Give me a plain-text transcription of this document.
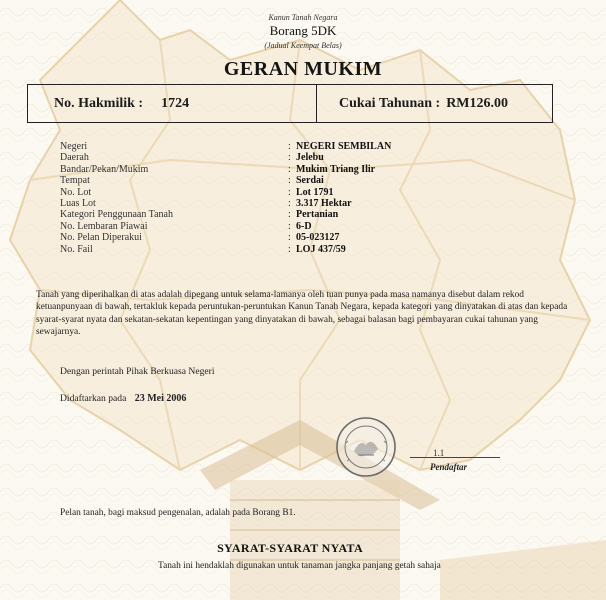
Kanun Tanah Negara
Borang 5DK
(Jadual Keempat Belas)
GERAN MUKIM
No. Hakmilik : 1724	Cukai Tahunan : RM126.00
Negeri	: NEGERI SEMBILAN
Daerah	: Jelebu
Bandar/Pekan/Mukim	: Mukim Triang Ilir
Tempat	: Serdai
No. Lot	: Lot 1791
Luas Lot	: 3.317 Hektar
Kategori Penggunaan Tanah	: Pertanian
No. Lembaran Piawai	: 6-D
No. Pelan Diperakui	: 05-023127
No. Fail	: LOJ 437/59
Tanah yang diperihalkan di atas adalah dipegang untuk selama-lamanya oleh tuan punya pada masa namanya disebut dalam rekod ketuanpunyaan di bawah, tertakluk kepada peruntukan-peruntukan Kanun Tanah Negara, kepada kategori yang dinyatakan di atas dan kepada syarat-syarat nyata dan sekatan-sekatan kepentingan yang dinyatakan di bawah, sebagai balasan bagi pembayaran cukai tahunan yang sewajarnya.
Dengan perintah Pihak Berkuasa Negeri
Didaftarkan pada 23 Mei 2006
1.1
Pendaftar
Pelan tanah, bagi maksud pengenalan, adalah pada Borang B1.
SYARAT-SYARAT NYATA
Tanah ini hendaklah digunakan untuk tanaman jangka panjang getah sahaja
